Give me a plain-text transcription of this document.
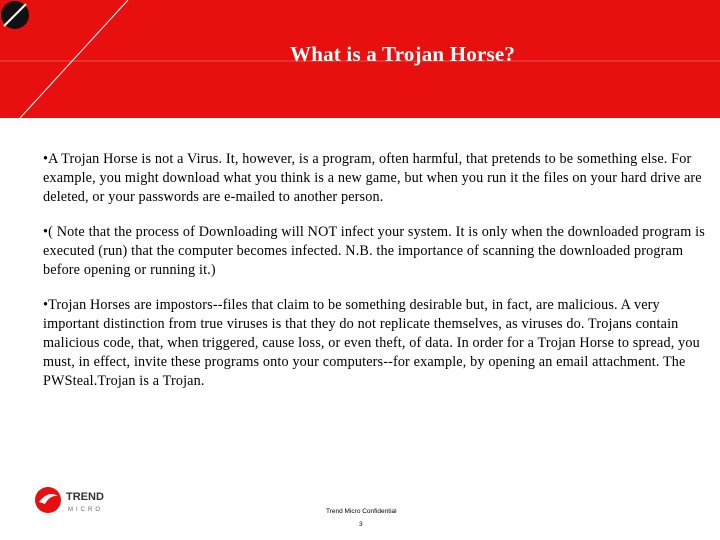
What is a Trojan Horse?

•A Trojan Horse is not a Virus. It, however, is a program, often harmful, that pretends to be something else. For example, you might download what you think is a new game, but when you run it the files on your hard drive are deleted, or your passwords are e-mailed to another person.

•( Note that the process of Downloading will NOT infect your system. It is only when the downloaded program is executed (run) that the computer becomes infected. N.B. the importance of scanning the downloaded program before opening or running it.)

•Trojan Horses are impostors--files that claim to be something desirable but, in fact, are malicious. A very important distinction from true viruses is that they do not replicate themselves, as viruses do. Trojans contain malicious code, that, when triggered, cause loss, or even theft, of data. In order for a Trojan Horse to spread, you must, in effect, invite these programs onto your computers--for example, by opening an email attachment. The PWSteal.Trojan is a Trojan.

TREND
MICRO	Trend Micro Confidential
3
